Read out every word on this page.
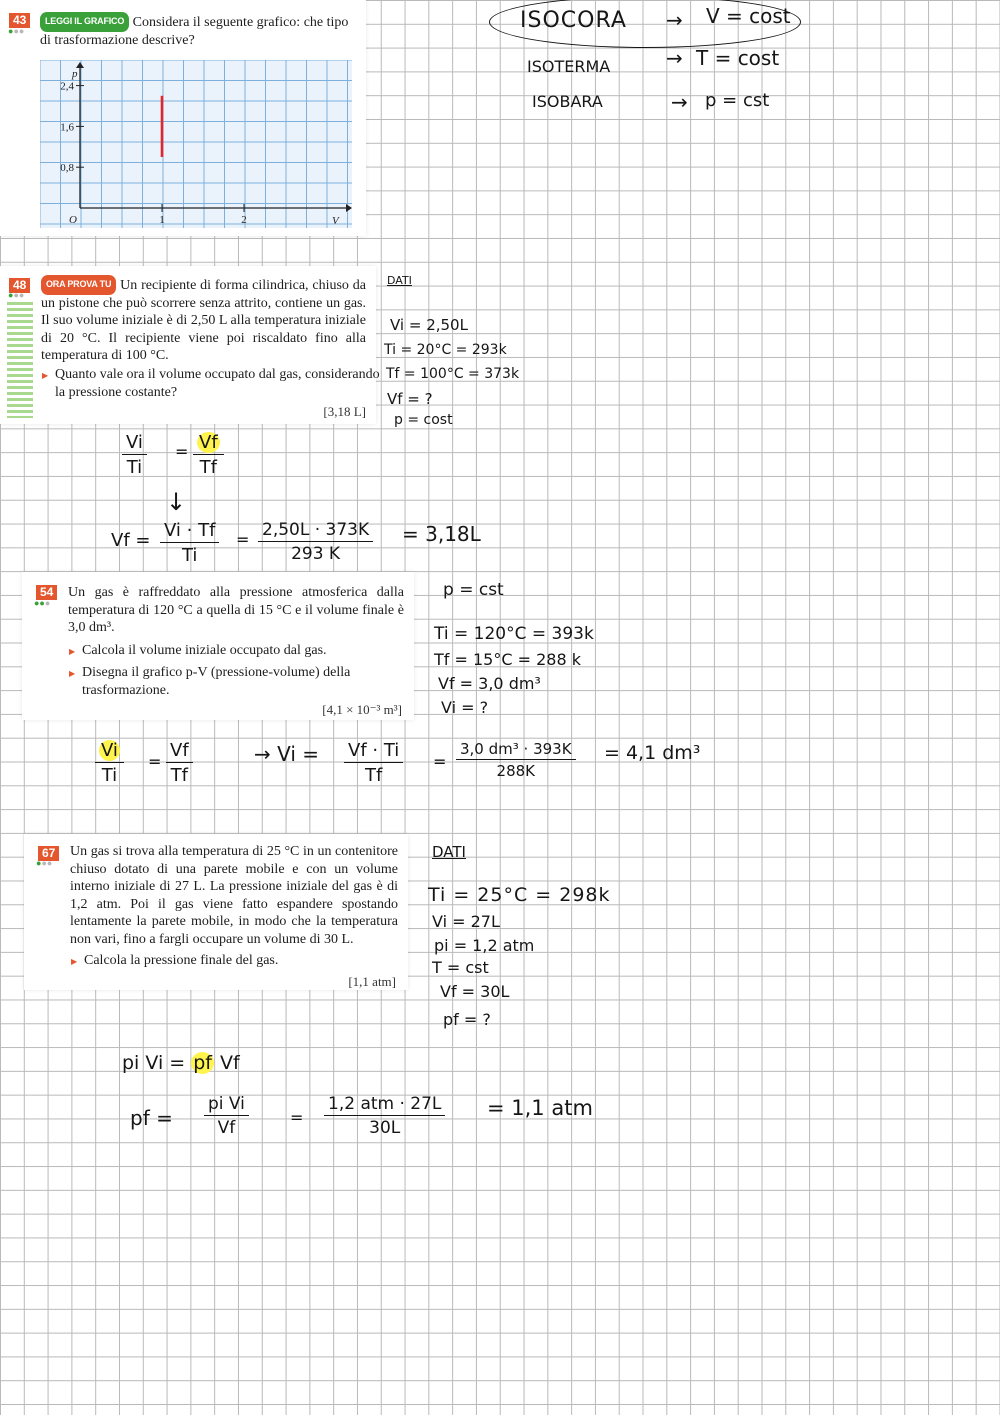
43
●●●
LEGGI IL GRAFICO Considera il seguente grafico: che tipo
di trasformazione descrive?
2,4
1,6
0,8
O	1	2
p
V
ISOCORA → V = cost
ISOTERMA	→ T = cost
ISOBARA	→ p = cst
48
●●●
ORA PROVA TU Un recipiente di forma cilindrica, chiuso da un pistone che può scorrere senza attrito, contiene un gas. Il suo volume iniziale è di 2,50 L alla temperatura iniziale di 20 °C. Il recipiente viene poi riscaldato fino alla temperatura di 100 °C.
▶ Quanto vale ora il volume occupato dal gas, considerando la pressione costante?
[3,18 L]
DATI
Vi = 2,50L
Ti = 20°C = 293k
Tf = 100°C = 373k
Vf = ?
p = cost
$\frac{Vi}{Ti} = \frac{Vf}{Tf}$
↓
$Vf = \frac{Vi \cdot Tf}{Ti} = \frac{2,50L \cdot 373K}{293 K} = 3,18L$
54
●●●
Un gas è raffreddato alla pressione atmosferica dalla temperatura di 120 °C a quella di 15 °C e il volume finale è 3,0 dm³.
▶ Calcola il volume iniziale occupato dal gas.
▶ Disegna il grafico p-V (pressione-volume) della trasformazione.
[4,1 × 10⁻³ m³]
p = cst
Ti = 120°C = 393k
Tf = 15°C = 288 k
Vf = 3,0 dm³
Vi = ?
$\frac{Vi}{Ti} = \frac{Vf}{Tf}$	→ $Vi = \frac{Vf \cdot Ti}{Tf} = \frac{\text{3,0 dm³ · 393K}}{288K} = 4,1$ dm³
67
●●●
Un gas si trova alla temperatura di 25 °C in un contenitore chiuso dotato di una parete mobile e con un volume interno iniziale di 27 L. La pressione iniziale del gas è di 1,2 atm. Poi il gas viene fatto espandere spostando lentamente la parete mobile, in modo che la temperatura non vari, fino a fargli occupare un volume di 30 L.
▶ Calcola la pressione finale del gas.
[1,1 atm]
DATI
Ti = 25°C = 298k
Vi = 27L
pi = 1,2 atm
T = cst
Vf = 30L
pf = ?
pi Vi = pf Vf
pf = $\frac{\text{pi Vi}}{Vf}$	=
1,2 atm · 27L
30L
= 1,1 atm
